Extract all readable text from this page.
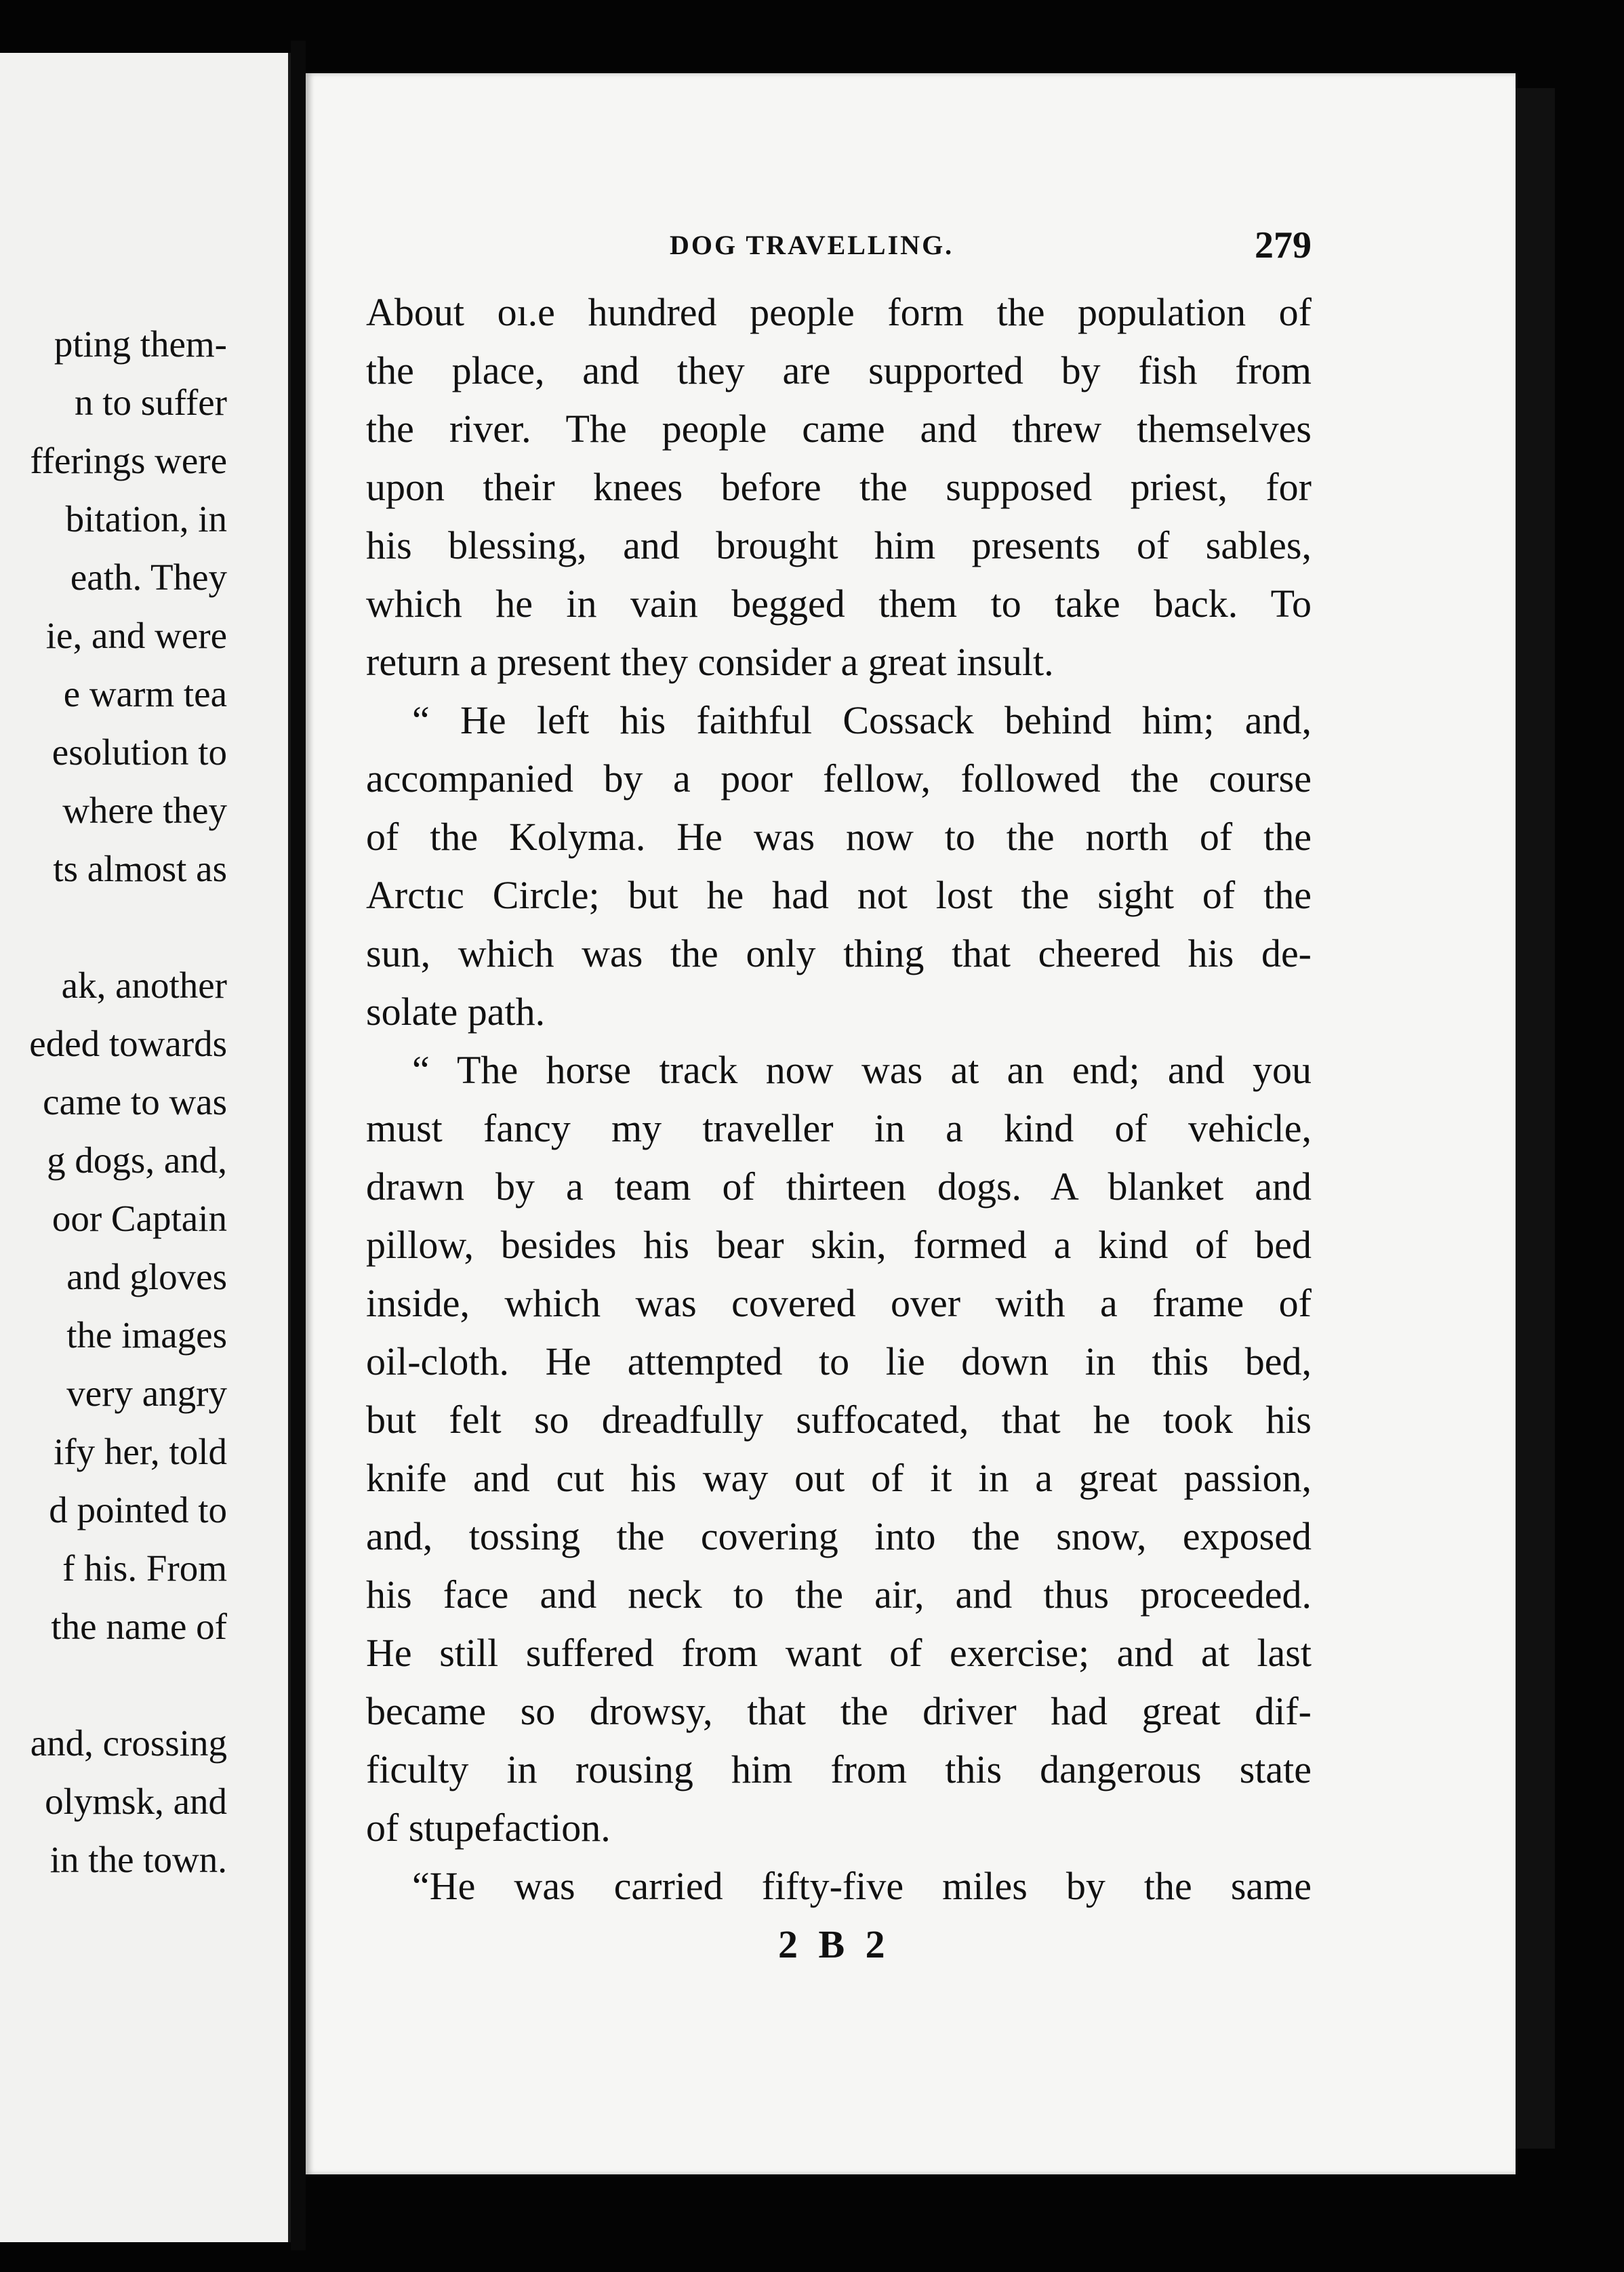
pting them-
n to suffer
fferings were
bitation, in
eath. They
ie, and were
e warm tea
esolution to
where they
ts almost as
ak, another
eded towards
came to was
g dogs, and,
oor Captain
and gloves
the images
very angry
ify her, told
d pointed to
f his. From
the name of
and, crossing
olymsk, and
in the town.
DOG TRAVELLING.	279
About oı.e hundred people form the population of
the place, and they are supported by fish from
the river. The people came and threw themselves
upon their knees before the supposed priest, for
his blessing, and brought him presents of sables,
which he in vain begged them to take back. To
return a present they consider a great insult.
“ He left his faithful Cossack behind him; and,
accompanied by a poor fellow, followed the course
of the Kolyma. He was now to the north of the
Arctıc Circle; but he had not lost the sight of the
sun, which was the only thing that cheered his de-
solate path.
“ The horse track now was at an end; and you
must fancy my traveller in a kind of vehicle,
drawn by a team of thirteen dogs. A blanket and
pillow, besides his bear skin, formed a kind of bed
inside, which was covered over with a frame of
oil-cloth. He attempted to lie down in this bed,
but felt so dreadfully suffocated, that he took his
knife and cut his way out of it in a great passion,
and, tossing the covering into the snow, exposed
his face and neck to the air, and thus proceeded.
He still suffered from want of exercise; and at last
became so drowsy, that the driver had great dif-
ficulty in rousing him from this dangerous state
of stupefaction.
“He was carried fifty-five miles by the same
2 B 2
